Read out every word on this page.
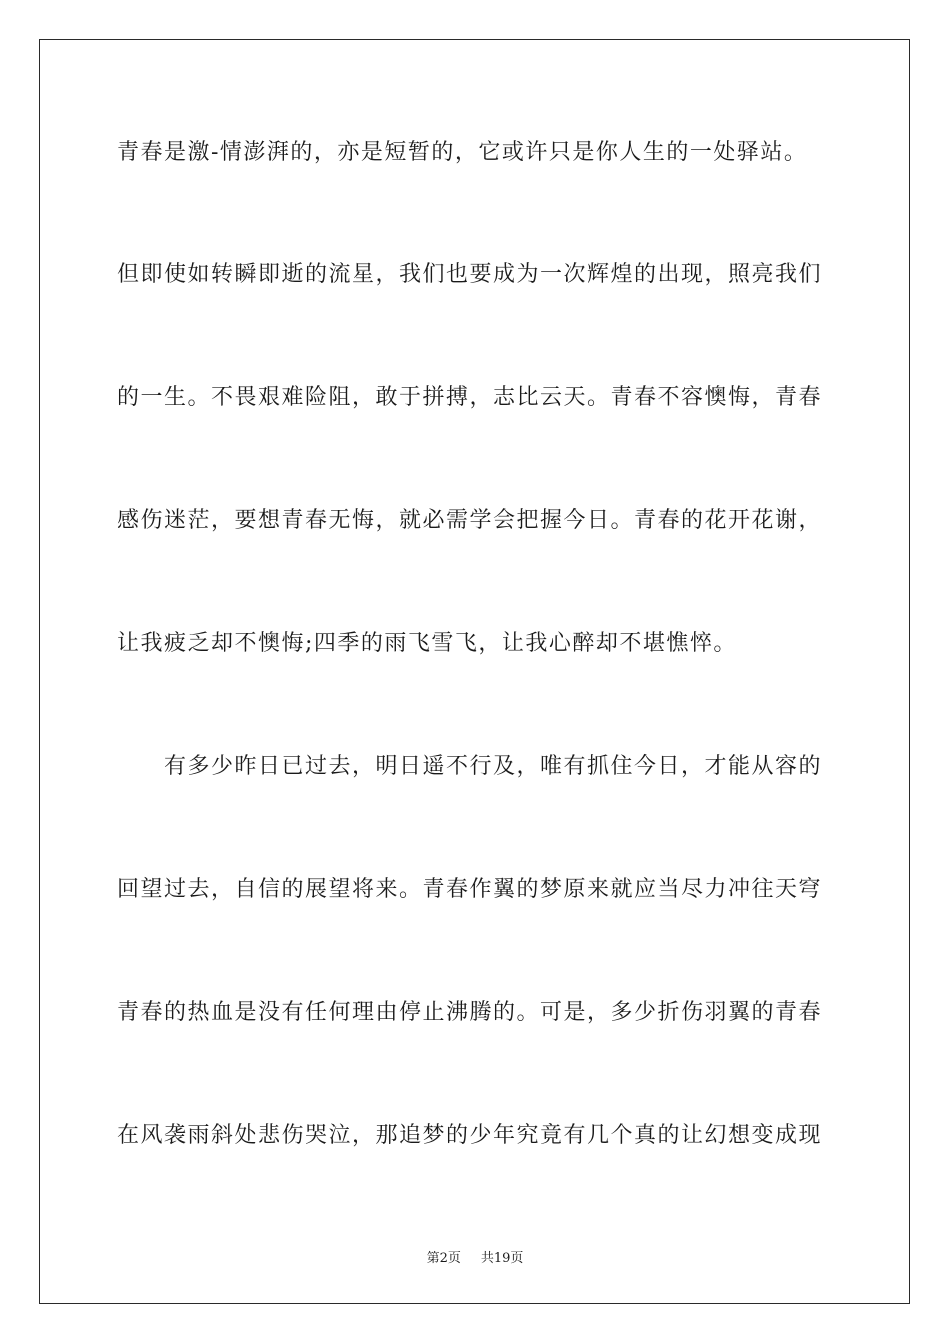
青春是激-情澎湃的，亦是短暂的，它或许只是你人生的一处驿站。
但即使如转瞬即逝的流星，我们也要成为一次辉煌的出现，照亮我们
的一生。不畏艰难险阻，敢于拼搏，志比云天。青春不容懊悔，青春
感伤迷茫，要想青春无悔，就必需学会把握今日。青春的花开花谢，
让我疲乏却不懊悔;四季的雨飞雪飞，让我心醉却不堪憔悴。
有多少昨日已过去，明日遥不行及，唯有抓住今日，才能从容的
回望过去，自信的展望将来。青春作翼的梦原来就应当尽力冲往天穹
青春的热血是没有任何理由停止沸腾的。可是，多少折伤羽翼的青春
在风袭雨斜处悲伤哭泣，那追梦的少年究竟有几个真的让幻想变成现
第2页 共19页
